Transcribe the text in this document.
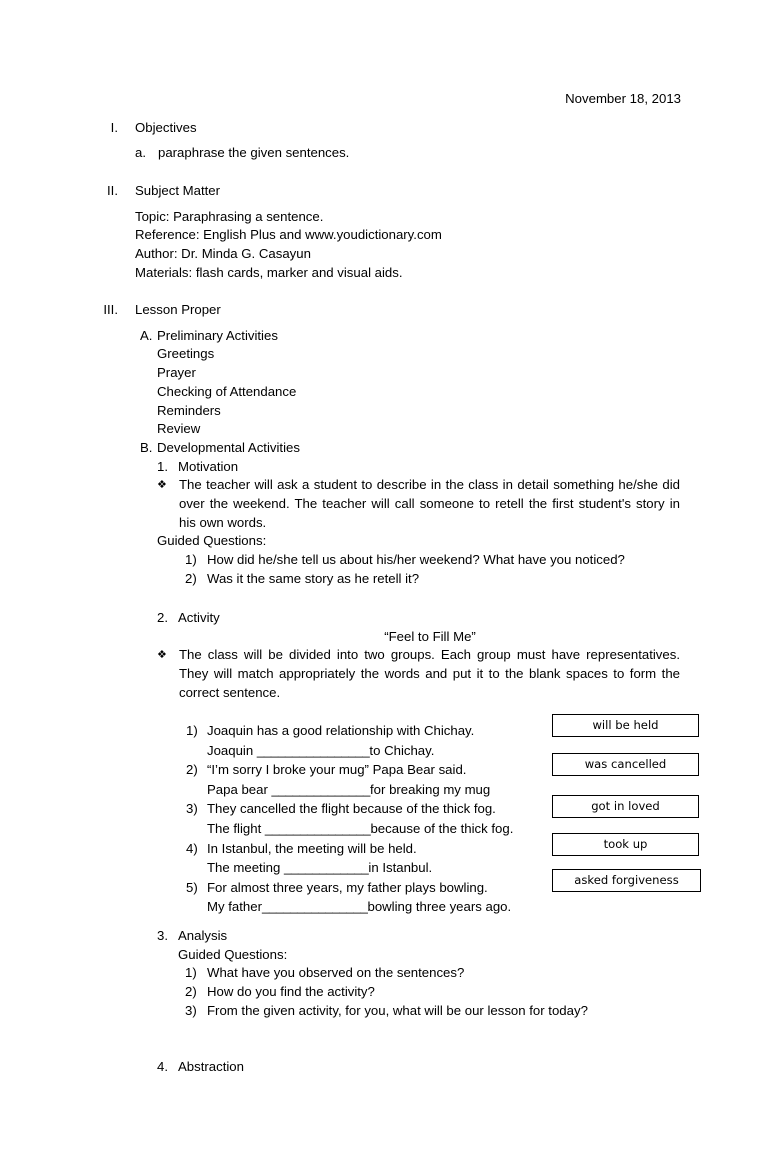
November 18, 2013
I. Objectives
a. paraphrase the given sentences.
II. Subject Matter
Topic: Paraphrasing a sentence.
Reference: English Plus and www.youdictionary.com
Author: Dr. Minda G. Casayun
Materials: flash cards, marker and visual aids.
III. Lesson Proper
A. Preliminary Activities
Greetings
Prayer
Checking of Attendance
Reminders
Review
B. Developmental Activities
1. Motivation
❖ The teacher will ask a student to describe in the class in detail something he/she did over the weekend. The teacher will call someone to retell the first student's story in his own words.
Guided Questions:
1) How did he/she tell us about his/her weekend? What have you noticed?
2) Was it the same story as he retell it?
2. Activity
“Feel to Fill Me”
❖ The class will be divided into two groups. Each group must have representatives. They will match appropriately the words and put it to the blank spaces to form the correct sentence.
1) Joaquin has a good relationship with Chichay.
Joaquin ________________to Chichay.
2) “I’m sorry I broke your mug” Papa Bear said.
Papa bear ______________for breaking my mug
3) They cancelled the flight because of the thick fog.
The flight _______________because of the thick fog.
4) In Istanbul, the meeting will be held.
The meeting ____________in Istanbul.
5) For almost three years, my father plays bowling.
My father_______________bowling three years ago.
will be held
was cancelled
got in loved
took up
asked forgiveness
3. Analysis
Guided Questions:
1) What have you observed on the sentences?
2) How do you find the activity?
3) From the given activity, for you, what will be our lesson for today?
4. Abstraction
